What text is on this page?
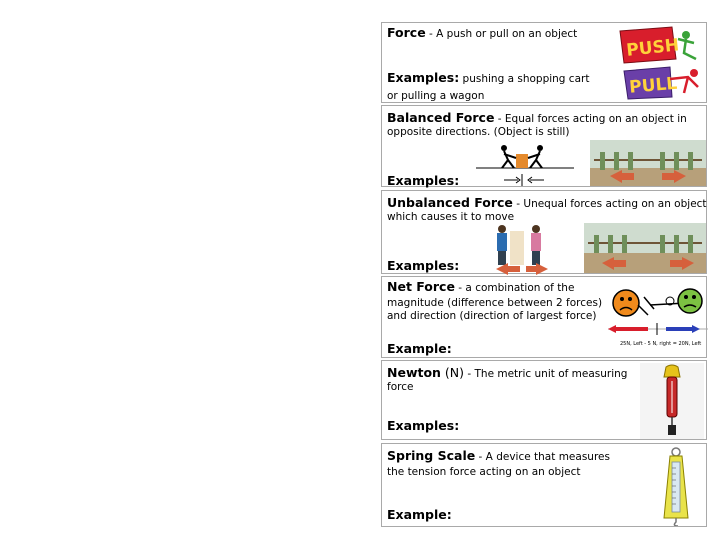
Force - A push or pull on an object
Examples: pushing a shopping cart
or pulling a wagon
PUSH
PULL
Balanced Force - Equal forces acting on an object in
opposite directions. (Object is still)
Examples:
Unbalanced Force - Unequal forces acting on an object
which causes it to move
Examples:
Net Force - a combination of the
magnitude (difference between 2 forces)
and direction (direction of largest force)
Example:	25N, Left - 5 N, right = 20N, Left
Newton (N) - The metric unit of measuring
force
Examples:
Spring Scale - A device that measures
the tension force acting on an object
Example:
